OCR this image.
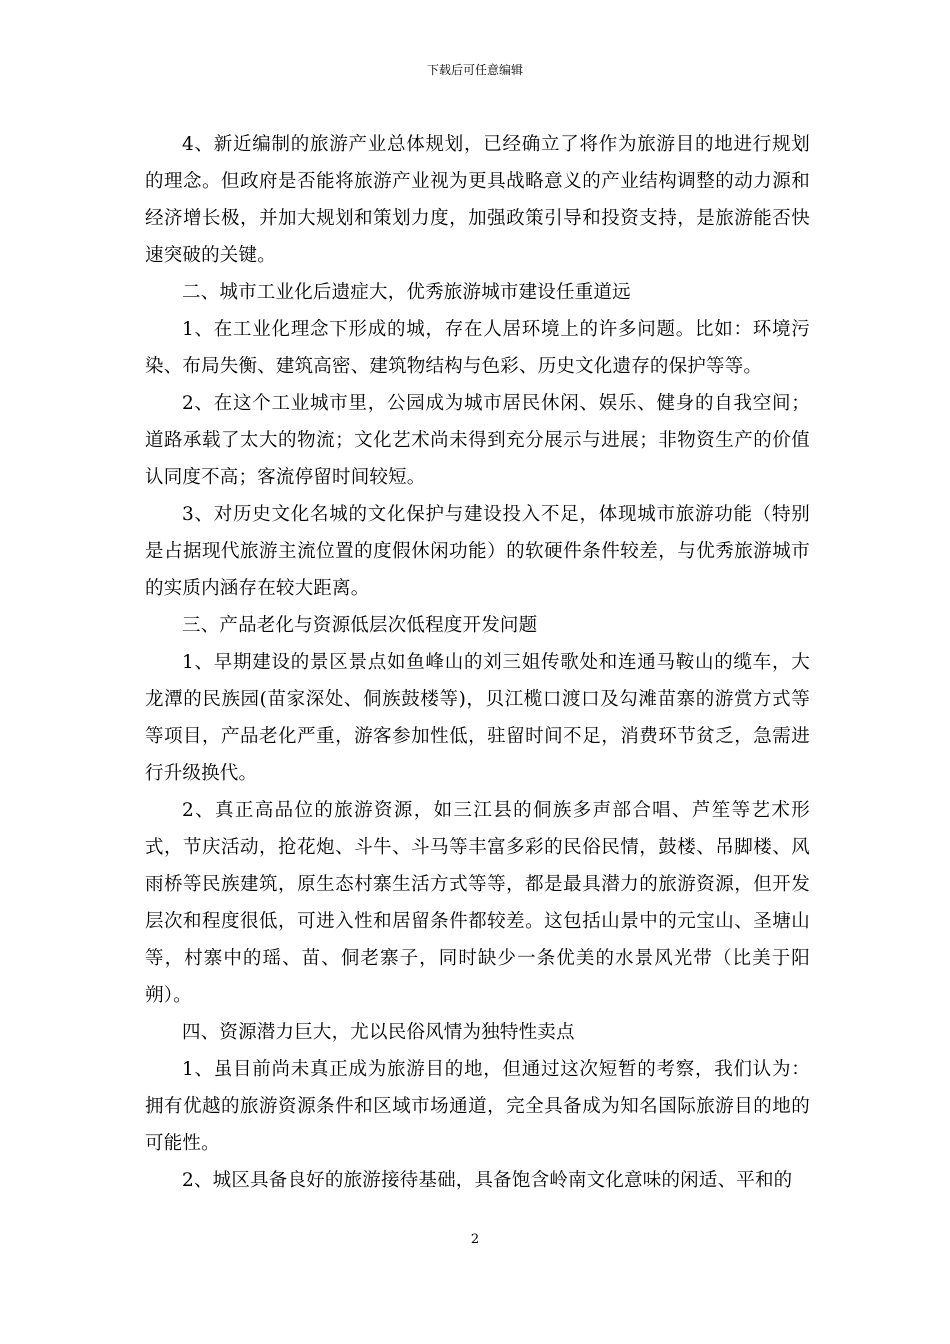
下载后可任意编辑

4、新近编制的旅游产业总体规划，已经确立了将作为旅游目的地进行规划的理念。但政府是否能将旅游产业视为更具战略意义的产业结构调整的动力源和经济增长极，并加大规划和策划力度，加强政策引导和投资支持，是旅游能否快速突破的关键。

二、城市工业化后遗症大，优秀旅游城市建设任重道远

1、在工业化理念下形成的城，存在人居环境上的许多问题。比如：环境污染、布局失衡、建筑高密、建筑物结构与色彩、历史文化遗存的保护等等。

2、在这个工业城市里，公园成为城市居民休闲、娱乐、健身的自我空间；道路承载了太大的物流；文化艺术尚未得到充分展示与进展；非物资生产的价值认同度不高；客流停留时间较短。

3、对历史文化名城的文化保护与建设投入不足，体现城市旅游功能（特别是占据现代旅游主流位置的度假休闲功能）的软硬件条件较差，与优秀旅游城市的实质内涵存在较大距离。

三、产品老化与资源低层次低程度开发问题

1、早期建设的景区景点如鱼峰山的刘三姐传歌处和连通马鞍山的缆车，大龙潭的民族园(苗家深处、侗族鼓楼等)，贝江榄口渡口及勾滩苗寨的游赏方式等等项目，产品老化严重，游客参加性低，驻留时间不足，消费环节贫乏，急需进行升级换代。

2、真正高品位的旅游资源，如三江县的侗族多声部合唱、芦笙等艺术形式，节庆活动，抢花炮、斗牛、斗马等丰富多彩的民俗民情，鼓楼、吊脚楼、风雨桥等民族建筑，原生态村寨生活方式等等，都是最具潜力的旅游资源，但开发层次和程度很低，可进入性和居留条件都较差。这包括山景中的元宝山、圣塘山等，村寨中的瑶、苗、侗老寨子，同时缺少一条优美的水景风光带（比美于阳朔）。

四、资源潜力巨大，尤以民俗风情为独特性卖点

1、虽目前尚未真正成为旅游目的地，但通过这次短暂的考察，我们认为：拥有优越的旅游资源条件和区域市场通道，完全具备成为知名国际旅游目的地的可能性。

2、城区具备良好的旅游接待基础，具备饱含岭南文化意味的闲适、平和的

2
